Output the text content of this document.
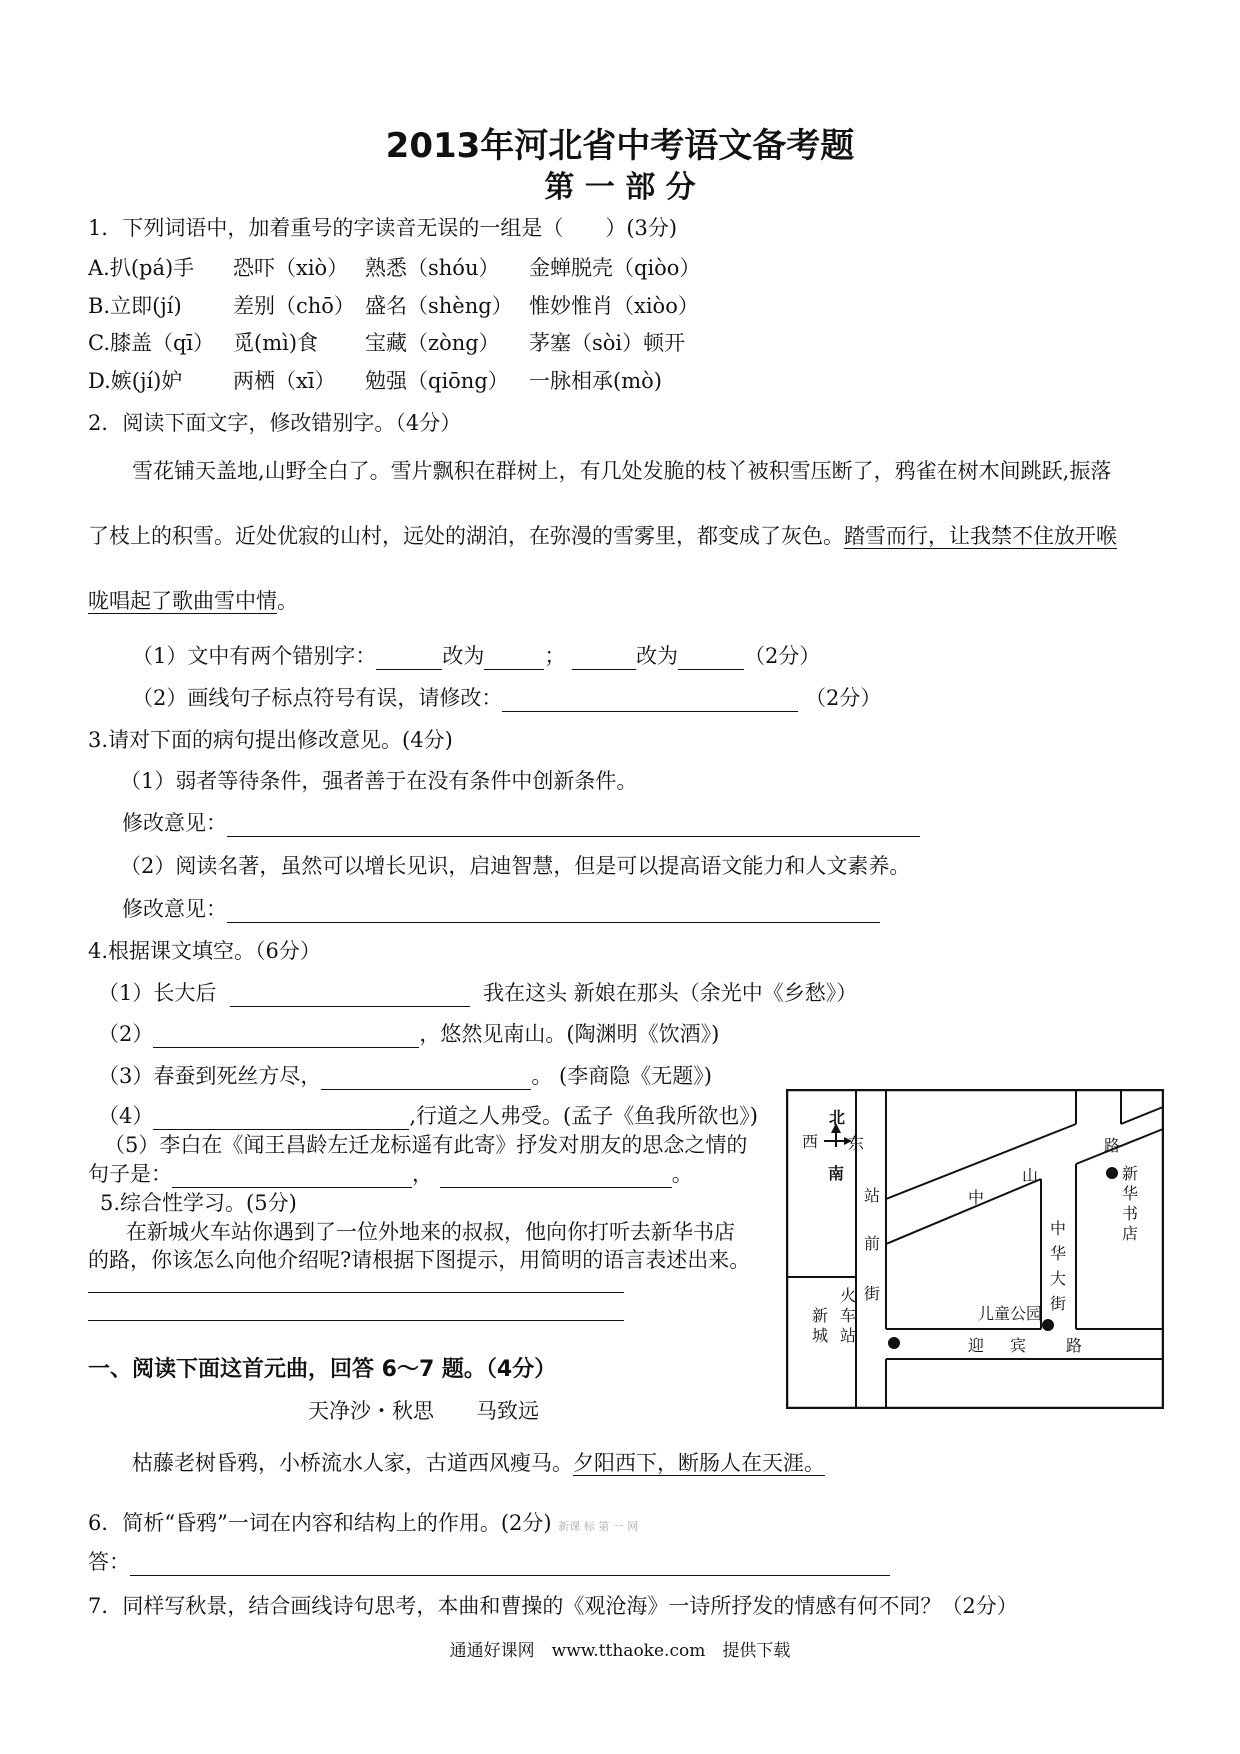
2013年河北省中考语文备考题
第 一 部 分
1．下列词语中，加着重号的字读音无误的一组是（　　）(3分)
A.扒(pá)手 恐吓（xiò） 熟悉（shóu） 金蝉脱壳（qiòo）
B.立即(jí) 差别（chō） 盛名（shèng） 惟妙惟肖（xiòo）
C.膝盖（qī） 觅(mì)食 宝藏（zòng） 茅塞（sòi）顿开
D.嫉(jí)妒 两栖（xī） 勉强（qiōng） 一脉相承(mò)
2．阅读下面文字，修改错别字。（4分）
雪花铺天盖地,山野全白了。雪片飘积在群树上，有几处发脆的枝丫被积雪压断了，鸦雀在树木间跳跃,振落
了枝上的积雪。近处优寂的山村，远处的湖泊，在弥漫的雪雾里，都变成了灰色。踏雪而行，让我禁不住放开喉
咙唱起了歌曲雪中情。
（1）文中有两个错别字：	改为	；	改为	（2分）
（2）画线句子标点符号有误，请修改：	（2分）
3.请对下面的病句提出修改意见。(4分)
（1）弱者等待条件，强者善于在没有条件中创新条件。
修改意见：
（2）阅读名著，虽然可以增长见识，启迪智慧，但是可以提高语文能力和人文素养。
修改意见：
4.根据课文填空。（6分）
（1）长大后	我在这头 新娘在那头（余光中《乡愁》）
（2）	，悠然见南山。(陶渊明《饮酒》)
（3）春蚕到死丝方尽，	。 (李商隐《无题》)
（4）	,行道之人弗受。(孟子《鱼我所欲也》)
（5）李白在《闻王昌龄左迁龙标遥有此寄》抒发对朋友的思念之情的
句子是：	，	。
5.综合性学习。(5分)
在新城火车站你遇到了一位外地来的叔叔，他向你打听去新华书店
的路，你该怎么向他介绍呢?请根据下图提示，用简明的语言表述出来。
北
西 东
南
中
山
路
站
前
街
中
华
大
街
迎 宾 路
新
华
书
店
新
城
火
车
站
儿童公园
一、阅读下面这首元曲，回答 6～7 题。（4分）
天净沙・秋思　　马致远
枯藤老树昏鸦，小桥流水人家，古道西风瘦马。夕阳西下，断肠人在天涯。
6．简析“昏鸦”一词在内容和结构上的作用。(2分) 新课 标 第 一 网
答：
7．同样写秋景，结合画线诗句思考，本曲和曹操的《观沧海》一诗所抒发的情感有何不同？（2分）
通通好课网　www.tthaoke.com　提供下载
